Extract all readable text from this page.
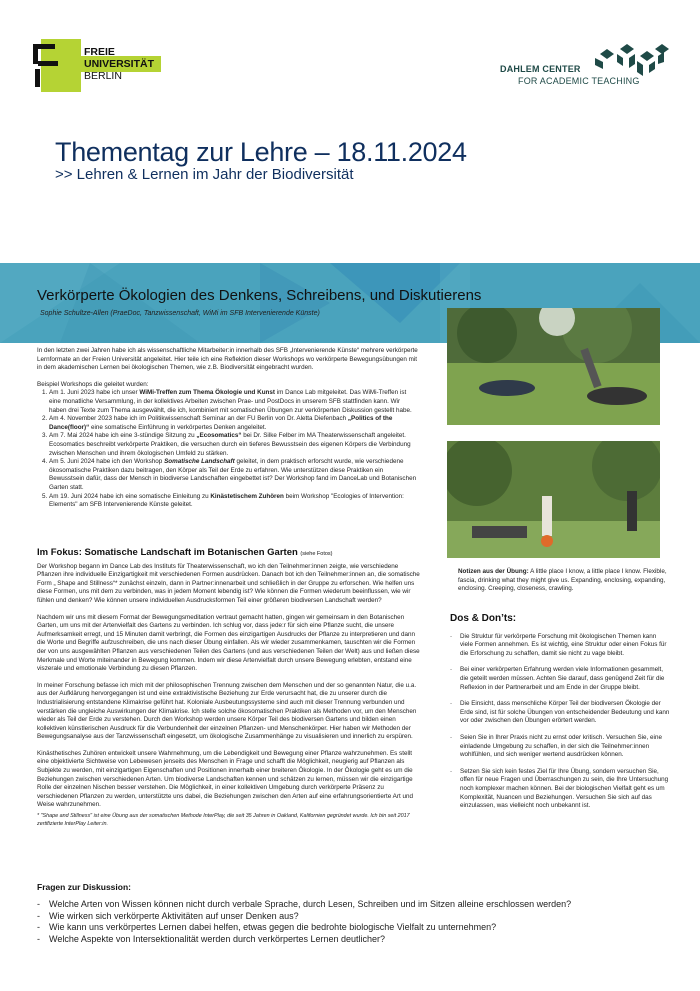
FREIE
UNIVERSITÄT
BERLIN
DAHLEM CENTER
FOR ACADEMIC TEACHING
Thementag zur Lehre – 18.11.2024
>> Lehren & Lernen im Jahr der Biodiversität
Verkörperte Ökologien des Denkens, Schreibens, und Diskutierens
Sophie Schultze-Allen (PraeDoc, Tanzwissenschaft, WiMi im SFB Intervenierende Künste)

In den letzten zwei Jahren habe ich als wissenschaftliche Mitarbeiter:in innerhalb des SFB „Intervenierende Künste“ mehrere verkörperte Lernformate an der Freien Universität angeleitet. Hier teile ich eine Reflektion dieser Workshops wo verkörperte Bewegungsübungen mit in dem akademischen Lernen bei ökologischen Themen, wie z.B. Biodiversität eingebracht wurden.

Beispiel Workshops die geleitet wurden:

1. Am 1. Juni 2023 habe ich unser WiMi-Treffen zum Thema Ökologie und Kunst im Dance Lab mitgeleitet. Das WiMi-Treffen ist eine monatliche Versammlung, in der kollektives Arbeiten zwischen Prae- und PostDocs in unserem SFB stattfinden kann. Wir haben drei Texte zum Thema ausgewählt, die ich, kombiniert mit somatischen Übungen zur verkörperten Diskussion gestellt habe.
2. Am 4. November 2023 habe ich im Politikwissenschaft Seminar an der FU Berlin von Dr. Aletta Diefenbach „Politics of the Dance(floor)“ eine somatische Einführung in verkörpertes Denken angeleitet.
3. Am 7. Mai 2024 habe ich eine 3-stündige Sitzung zu „Ecosomatics“ bei Dr. Silke Felber im MA Theaterwissenschaft angeleitet. Ecosomatics beschreibt verkörperte Praktiken, die versuchen durch ein tieferes Bewusstsein des eigenen Körpers die Verbindung zwischen Menschen und ihrem ökologischen Umfeld zu stärken.
4. Am 5. Juni 2024 habe ich den Workshop Somatische Landschaft geleitet, in dem praktisch erforscht wurde, wie verschiedene ökosomatische Praktiken dazu beitragen, den Körper als Teil der Erde zu erfahren. Wie unterstützen diese Praktiken ein Bewusstsein dafür, dass der Mensch in biodiverse Landschaften eingebettet ist? Der Workshop fand im DanceLab und Botanischen Garten statt.
5. Am 19. Juni 2024 habe ich eine somatische Einleitung zu Kinästetischem Zuhören beim Workshop "Ecologies of Intervention: Elements" am SFB Intervenierende Künste geleitet.
Im Fokus: Somatische Landschaft im Botanischen Garten (siehe Fotos)

Der Workshop begann im Dance Lab des Instituts für Theaterwissenschaft, wo ich den Teilnehmer:innen zeigte, wie verschiedene Pflanzen ihre individuelle Einzigartigkeit mit verschiedenen Formen ausdrücken. Danach bot ich den Teilnehmer:innen an, die somatische Form „ Shape and Stillness“* zunächst einzeln, dann in Partner:innenarbeit und schließlich in der Gruppe zu erforschen. Wie helfen uns diese Formen, uns mit dem zu verbinden, was in jedem Moment lebendig ist? Wie können die Formen wiederum beeinflussen, wie wir fühlen und denken? Wie können unsere individuellen Ausdrucksformen Teil einer größeren biodiversen Landschaft werden?

Nachdem wir uns mit diesem Format der Bewegungsmeditation vertraut gemacht hatten, gingen wir gemeinsam in den Botanischen Garten, um uns mit der Artenvielfalt des Gartens zu verbinden. Ich schlug vor, dass jede:r für sich eine Pflanze sucht, die unsere Aufmerksamkeit erregt, und 15 Minuten damit verbringt, die Formen des einzigartigen Ausdrucks der Pflanze zu interpretieren und dann die Worte und Begriffe aufzuschreiben, die uns nach dieser Übung einfallen. Als wir wieder zusammenkamen, tauschten wir die Formen der von uns ausgewählten Pflanzen aus verschiedenen Teilen des Gartens (und aus verschiedenen Teilen der Welt) aus und ließen diese Merkmale und Worte miteinander in Bewegung kommen. Indem wir diese Artenvielfalt durch unsere Bewegung erlebten, entstand eine viszerale und emotionale Verbindung zu diesen Pflanzen.

In meiner Forschung befasse ich mich mit der philosophischen Trennung zwischen dem Menschen und der so genannten Natur, die u.a. aus der Aufklärung hervorgegangen ist und eine extraktivistische Beziehung zur Erde verursacht hat, die zu unserer durch die Industrialisierung entstandene Klimakrise geführt hat. Koloniale Ausbeutungssysteme sind auch mit dieser Trennung verbunden und verstärken die ungleiche Auswirkungen der Klimakrise. Ich stelle solche ökosomatischen Praktiken als Methoden vor, um den Menschen wieder als Teil der Erde zu verstehen. Durch den Workshop werden unsere Körper Teil des biodiversen Gartens und bilden einen kollektiven künstlerischen Ausdruck für die Verbundenheit der einzelnen Pflanzen- und Menschenkörper. Hier haben wir Methoden der Bewegungsanalyse aus der Tanzwissenschaft eingesetzt, um ökologische Zusammenhänge zu visualisieren und innerlich zu erspüren.

Kinästhetisches Zuhören entwickelt unsere Wahrnehmung, um die Lebendigkeit und Bewegung einer Pflanze wahrzunehmen. Es stellt eine objektivierte Sichtweise von Lebewesen jenseits des Menschen in Frage und schafft die Möglichkeit, neugierig auf Pflanzen als Subjekte zu werden, mit einzigartigen Eigenschaften und Positionen innerhalb einer breiteren Ökologie. In der Ökologie geht es um die Beziehungen zwischen verschiedenen Arten. Um biodiverse Landschaften kennen und schätzen zu lernen, müssen wir die einzigartige Rolle der einzelnen Nischen besser verstehen. Die Möglichkeit, in einer kollektiven Umgebung durch verkörperte Präsenz zu verschiedenen Pflanzen zu werden, unterstützte uns dabei, die Beziehungen zwischen den Arten auf eine erfahrungsorientierte Art und Weise wahrzunehmen.

* "Shape and Stillness" ist eine Übung aus der somatischen Methode InterPlay, die seit 35 Jahren in Oakland, Kalifornien gegründet wurde. Ich bin seit 2017 zertifizierte InterPlay Leiter:in.

Notizen aus der Übung: A little place I know, a little place I know. Flexible, fascia, drinking what they might give us. Expanding, enclosing, expanding, enclosing. Creeping, closeness, crawling.
Dos & Don’ts:
- Die Struktur für verkörperte Forschung mit ökologischen Themen kann viele Formen annehmen. Es ist wichtig, eine Struktur oder einen Fokus für die Erforschung zu schaffen, damit sie nicht zu vage bleibt.
- Bei einer verkörperten Erfahrung werden viele Informationen gesammelt, die geteilt werden müssen. Achten Sie darauf, dass genügend Zeit für die Reflexion in der Partnerarbeit und am Ende in der Gruppe bleibt.
- Die Einsicht, dass menschliche Körper Teil der biodiversen Ökologie der Erde sind, ist für solche Übungen von entscheidender Bedeutung und kann vor oder zwischen den Übungen erörtert werden.
- Seien Sie in Ihrer Praxis nicht zu ernst oder kritisch. Versuchen Sie, eine einladende Umgebung zu schaffen, in der sich die Teilnehmer:innen wohlfühlen, und sich weniger wertend ausdrücken können.
- Setzen Sie sich kein festes Ziel für Ihre Übung, sondern versuchen Sie, offen für neue Fragen und Überraschungen zu sein, die Ihre Untersuchung noch komplexer machen können. Bei der biologischen Vielfalt geht es um Komplexität, Nuancen und Beziehungen. Versuchen Sie sich auf das einzulassen, was vielleicht noch unbekannt ist.
Fragen zur Diskussion:
- Welche Arten von Wissen können nicht durch verbale Sprache, durch Lesen, Schreiben und im Sitzen alleine erschlossen werden?
- Wie wirken sich verkörperte Aktivitäten auf unser Denken aus?
- Wie kann uns verkörpertes Lernen dabei helfen, etwas gegen die bedrohte biologische Vielfalt zu unternehmen?
- Welche Aspekte von Intersektionalität werden durch verkörpertes Lernen deutlicher?
